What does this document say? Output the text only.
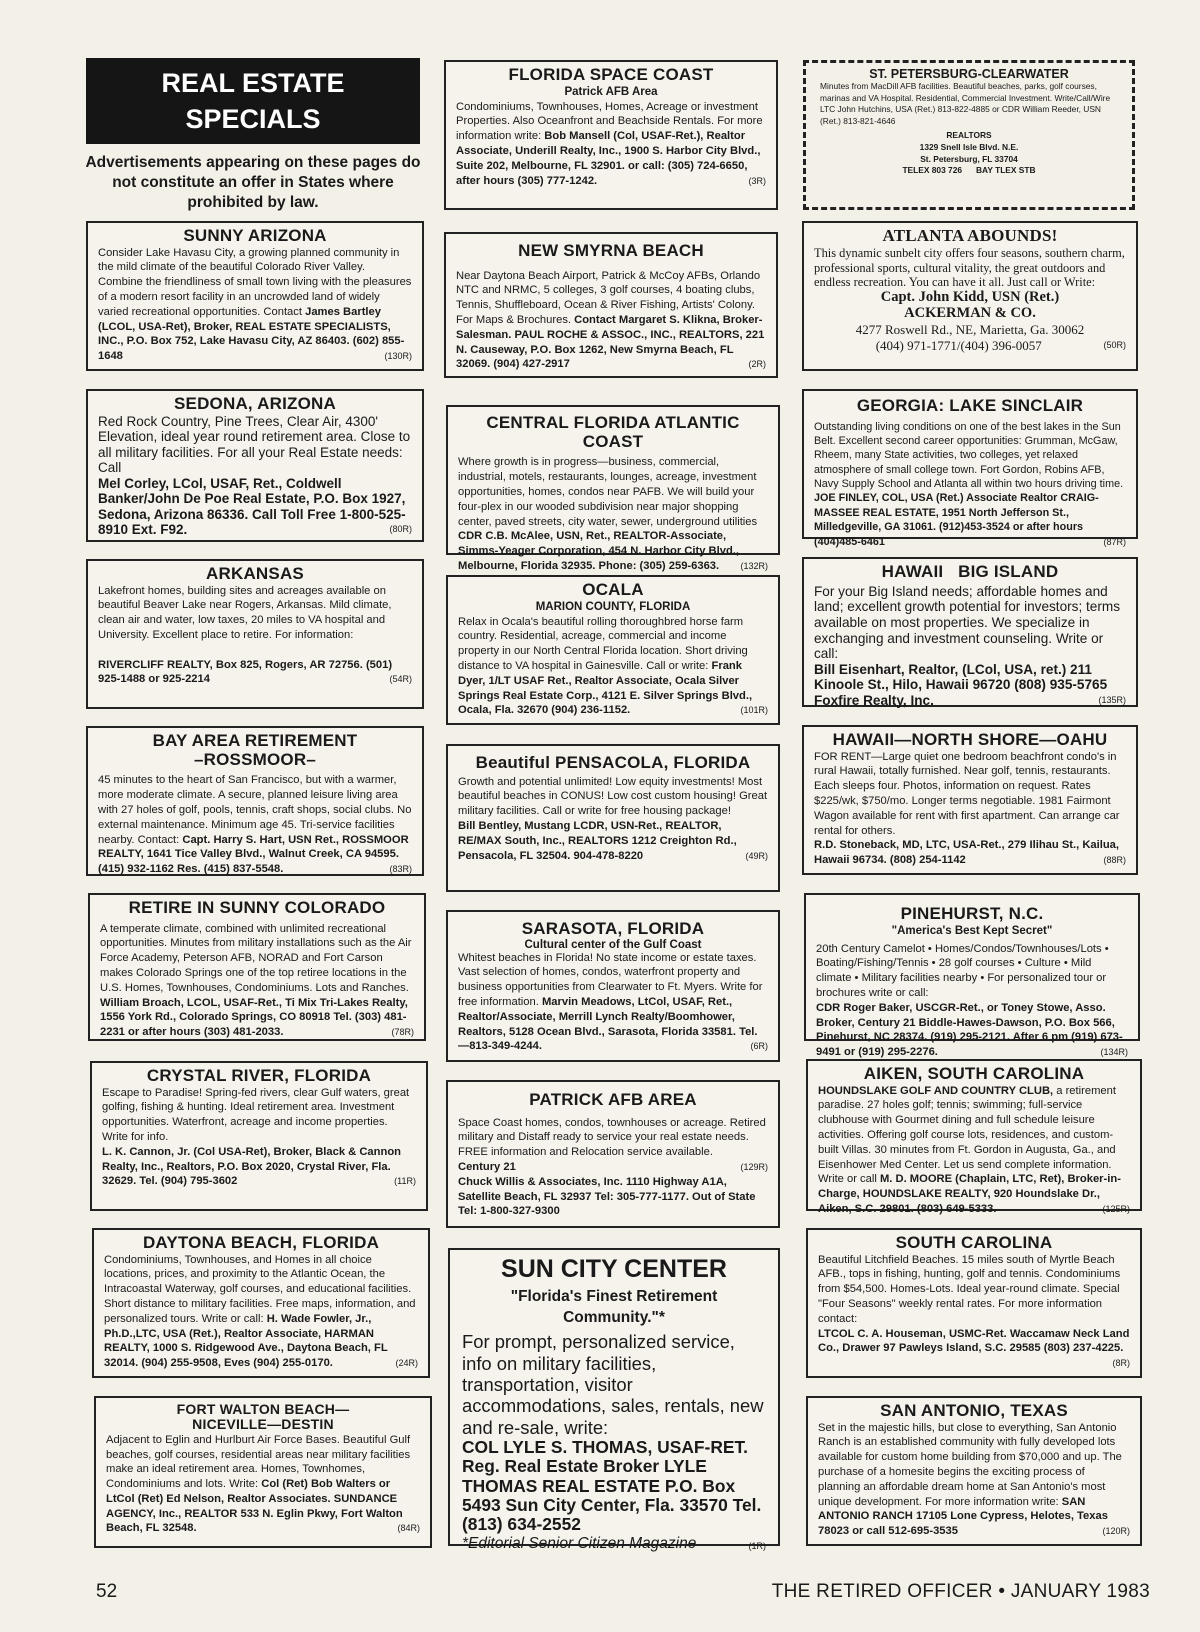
REAL ESTATE
SPECIALS
Advertisements appearing on these pages do not constitute an offer in States where prohibited by law.
SUNNY ARIZONA

Consider Lake Havasu City, a growing planned community in the mild climate of the beautiful Colorado River Valley. Combine the friendliness of small town living with the pleasures of a modern resort facility in an uncrowded land of widely varied recreational opportunities. Contact James Bartley (LCOL, USA-Ret), Broker, REAL ESTATE SPECIALISTS, INC., P.O. Box 752, Lake Havasu City, AZ 86403. (602) 855-1648	(130R)

SEDONA, ARIZONA

Red Rock Country, Pine Trees, Clear Air, 4300' Elevation, ideal year round retirement area. Close to all military facilities. For all your Real Estate needs: Call
Mel Corley, LCol, USAF, Ret., Coldwell Banker/John De Poe Real Estate, P.O. Box 1927, Sedona, Arizona 86336. Call Toll Free 1-800-525-8910 Ext. F92.	(80R)

ARKANSAS

Lakefront homes, building sites and acreages available on beautiful Beaver Lake near Rogers, Arkansas. Mild climate, clean air and water, low taxes, 20 miles to VA hospital and University. Excellent place to retire. For information:

RIVERCLIFF REALTY, Box 825, Rogers, AR 72756. (501) 925-1488 or 925-2214	(54R)

BAY AREA RETIREMENT
–ROSSMOOR–

45 minutes to the heart of San Francisco, but with a warmer, more moderate climate. A secure, planned leisure living area with 27 holes of golf, pools, tennis, craft shops, social clubs. No external maintenance. Minimum age 45. Tri-service facilities nearby. Contact: Capt. Harry S. Hart, USN Ret., ROSSMOOR REALTY, 1641 Tice Valley Blvd., Walnut Creek, CA 94595. (415) 932-1162 Res. (415) 837-5548.	(83R)

RETIRE IN SUNNY COLORADO

A temperate climate, combined with unlimited recreational opportunities. Minutes from military installations such as the Air Force Academy, Peterson AFB, NORAD and Fort Carson makes Colorado Springs one of the top retiree locations in the U.S. Homes, Townhouses, Condominiums. Lots and Ranches.
William Broach, LCOL, USAF-Ret., Ti Mix Tri-Lakes Realty, 1556 York Rd., Colorado Springs, CO 80918 Tel. (303) 481-2231 or after hours (303) 481-2033.	(78R)

CRYSTAL RIVER, FLORIDA

Escape to Paradise! Spring-fed rivers, clear Gulf waters, great golfing, fishing & hunting. Ideal retirement area. Investment opportunities. Waterfront, acreage and income properties. Write for info.
L. K. Cannon, Jr. (Col USA-Ret), Broker, Black & Cannon Realty, Inc., Realtors, P.O. Box 2020, Crystal River, Fla. 32629. Tel. (904) 795-3602	(11R)

DAYTONA BEACH, FLORIDA

Condominiums, Townhouses, and Homes in all choice locations, prices, and proximity to the Atlantic Ocean, the Intracoastal Waterway, golf courses, and educational facilities. Short distance to military facilities. Free maps, information, and personalized tours. Write or call: H. Wade Fowler, Jr., Ph.D.,LTC, USA (Ret.), Realtor Associate, HARMAN REALTY, 1000 S. Ridgewood Ave., Daytona Beach, FL 32014. (904) 255-9508, Eves (904) 255-0170.	(24R)

FORT WALTON BEACH—
NICEVILLE—DESTIN

Adjacent to Eglin and Hurlburt Air Force Bases. Beautiful Gulf beaches, golf courses, residential areas near military facilities make an ideal retirement area. Homes, Townhomes, Condominiums and lots. Write: Col (Ret) Bob Walters or LtCol (Ret) Ed Nelson, Realtor Associates. SUNDANCE AGENCY, Inc., REALTOR 533 N. Eglin Pkwy, Fort Walton Beach, FL 32548.	(84R)

FLORIDA SPACE COAST
Patrick AFB Area

Condominiums, Townhouses, Homes, Acreage or investment Properties. Also Oceanfront and Beachside Rentals. For more information write: Bob Mansell (Col, USAF-Ret.), Realtor Associate, Underill Realty, Inc., 1900 S. Harbor City Blvd., Suite 202, Melbourne, FL 32901. or call: (305) 724-6650, after hours (305) 777-1242.	(3R)

NEW SMYRNA BEACH

Near Daytona Beach Airport, Patrick & McCoy AFBs, Orlando NTC and NRMC, 5 colleges, 3 golf courses, 4 boating clubs, Tennis, Shuffleboard, Ocean & River Fishing, Artists' Colony. For Maps & Brochures. Contact Margaret S. Klikna, Broker-Salesman. PAUL ROCHE & ASSOC., INC., REALTORS, 221 N. Causeway, P.O. Box 1262, New Smyrna Beach, FL 32069. (904) 427-2917	(2R)

CENTRAL FLORIDA ATLANTIC COAST

Where growth is in progress—business, commercial, industrial, motels, restaurants, lounges, acreage, investment opportunities, homes, condos near PAFB. We will build your four-plex in our wooded subdivision near major shopping center, paved streets, city water, sewer, underground utilities CDR C.B. McAlee, USN, Ret., REALTOR-Associate, Simms-Yeager Corporation, 454 N. Harbor City Blvd., Melbourne, Florida 32935. Phone: (305) 259-6363. (132R)

OCALA
MARION COUNTY, FLORIDA

Relax in Ocala's beautiful rolling thoroughbred horse farm country. Residential, acreage, commercial and income property in our North Central Florida location. Short driving distance to VA hospital in Gainesville. Call or write: Frank Dyer, 1/LT USAF Ret., Realtor Associate, Ocala Silver Springs Real Estate Corp., 4121 E. Silver Springs Blvd., Ocala, Fla. 32670 (904) 236-1152.	(101R)

Beautiful PENSACOLA, FLORIDA

Growth and potential unlimited! Low equity investments! Most beautiful beaches in CONUS! Low cost custom housing! Great military facilities. Call or write for free housing package!
Bill Bentley, Mustang LCDR, USN-Ret., REALTOR, RE/MAX South, Inc., REALTORS 1212 Creighton Rd., Pensacola, FL 32504. 904-478-8220	(49R)

SARASOTA, FLORIDA
Cultural center of the Gulf Coast

Whitest beaches in Florida! No state income or estate taxes. Vast selection of homes, condos, waterfront property and business opportunities from Clearwater to Ft. Myers. Write for free information. Marvin Meadows, LtCol, USAF, Ret., Realtor/Associate, Merrill Lynch Realty/Boomhower, Realtors, 5128 Ocean Blvd., Sarasota, Florida 33581. Tel.—813-349-4244.	(6R)

PATRICK AFB AREA

Space Coast homes, condos, townhouses or acreage. Retired military and Distaff ready to service your real estate needs. FREE information and Relocation service available.
Century 21	(129R)

Chuck Willis & Associates, Inc. 1110 Highway A1A, Satellite Beach, FL 32937 Tel: 305-777-1177. Out of State Tel: 1-800-327-9300

SUN CITY CENTER
"Florida's Finest Retirement Community."*
For prompt, personalized service, info on military facilities, transportation, visitor accommodations, sales, rentals, new and re-sale, write:
COL LYLE S. THOMAS, USAF-RET. Reg. Real Estate Broker LYLE THOMAS REAL ESTATE P.O. Box 5493 Sun City Center, Fla. 33570 Tel. (813) 634-2552
*Editorial Senior Citizen Magazine	(1R)
ST. PETERSBURG-CLEARWATER

Minutes from MacDill AFB facilities. Beautiful beaches, parks, golf courses, marinas and VA Hospital. Residential, Commercial Investment. Write/Call/Wire LTC John Hutchins, USA (Ret.) 813-822-4885 or CDR William Reeder, USN (Ret.) 813-821-4646

REALTORS

1329 Snell Isle Blvd. N.E.

St. Petersburg, FL 33704

TELEX 803 726      BAY TLEX STB

ATLANTA ABOUNDS!

This dynamic sunbelt city offers four seasons, southern charm, professional sports, cultural vitality, the great outdoors and endless recreation. You can have it all. Just call or Write:

Capt. John Kidd, USN (Ret.)
ACKERMAN & CO.
4277 Roswell Rd., NE, Marietta, Ga. 30062
(404) 971-1771/(404) 396-0057	(50R)
GEORGIA: LAKE SINCLAIR

Outstanding living conditions on one of the best lakes in the Sun Belt. Excellent second career opportunities: Grumman, McGaw, Rheem, many State activities, two colleges, yet relaxed atmosphere of small college town. Fort Gordon, Robins AFB, Navy Supply School and Atlanta all within two hours driving time. JOE FINLEY, COL, USA (Ret.) Associate Realtor CRAIG-MASSEE REAL ESTATE, 1951 North Jefferson St., Milledgeville, GA 31061. (912)453-3524 or after hours (404)485-6461	(87R)

HAWAII   BIG ISLAND

For your Big Island needs; affordable homes and land; excellent growth potential for investors; terms available on most properties. We specialize in exchanging and investment counseling. Write or call:
Bill Eisenhart, Realtor, (LCol, USA, ret.) 211 Kinoole St., Hilo, Hawaii 96720 (808) 935-5765 Foxfire Realty, Inc.	(135R)

HAWAII—NORTH SHORE—OAHU

FOR RENT—Large quiet one bedroom beachfront condo's in rural Hawaii, totally furnished. Near golf, tennis, restaurants. Each sleeps four. Photos, information on request. Rates $225/wk, $750/mo. Longer terms negotiable. 1981 Fairmont Wagon available for rent with first apartment. Can arrange car rental for others.
R.D. Stoneback, MD, LTC, USA-Ret., 279 Ilihau St., Kailua, Hawaii 96734. (808) 254-1142	(88R)

PINEHURST, N.C.
"America's Best Kept Secret"

20th Century Camelot • Homes/Condos/Townhouses/Lots • Boating/Fishing/Tennis • 28 golf courses • Culture • Mild climate • Military facilities nearby • For personalized tour or brochures write or call:
CDR Roger Baker, USCGR-Ret., or Toney Stowe, Asso. Broker, Century 21 Biddle-Hawes-Dawson, P.O. Box 566, Pinehurst, NC 28374. (919) 295-2121. After 6 pm (919) 673-9491 or (919) 295-2276.	(134R)

AIKEN, SOUTH CAROLINA

HOUNDSLAKE GOLF AND COUNTRY CLUB, a retirement paradise. 27 holes golf; tennis; swimming; full-service clubhouse with Gourmet dining and full schedule leisure activities. Offering golf course lots, residences, and custom-built Villas. 30 minutes from Ft. Gordon in Augusta, Ga., and Eisenhower Med Center. Let us send complete information. Write or call M. D. MOORE (Chaplain, LTC, Ret), Broker-in-Charge, HOUNDSLAKE REALTY, 920 Houndslake Dr., Aiken, S.C. 29801. (803) 649-5333.	(125R)

SOUTH CAROLINA

Beautiful Litchfield Beaches. 15 miles south of Myrtle Beach AFB., tops in fishing, hunting, golf and tennis. Condominiums from $54,500. Homes-Lots. Ideal year-round climate. Special "Four Seasons" weekly rental rates. For more information contact:
LTCOL C. A. Houseman, USMC-Ret. Waccamaw Neck Land Co., Drawer 97 Pawleys Island, S.C. 29585 (803) 237-4225.
(8R)

SAN ANTONIO, TEXAS

Set in the majestic hills, but close to everything, San Antonio Ranch is an established community with fully developed lots available for custom home building from $70,000 and up. The purchase of a homesite begins the exciting process of planning an affordable dream home at San Antonio's most unique development. For more information write: SAN ANTONIO RANCH 17105 Lone Cypress, Helotes, Texas 78023 or call 512-695-3535	(120R)

52	THE RETIRED OFFICER • JANUARY 1983
